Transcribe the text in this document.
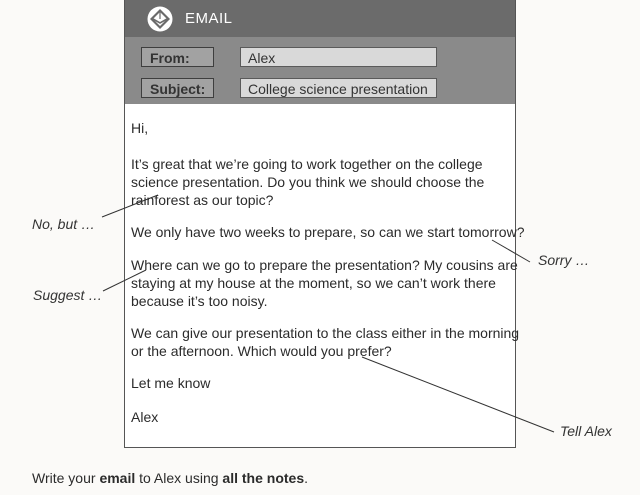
EMAIL
From:	Alex
Subject:	College science presentation

Hi,

It’s great that we’re going to work together on the college

science presentation. Do you think we should choose the

rainforest as our topic?

We only have two weeks to prepare, so can we start tomorrow?

Where can we go to prepare the presentation? My cousins are

staying at my house at the moment, so we can’t work there

because it’s too noisy.

We can give our presentation to the class either in the morning

or the afternoon. Which would you prefer?

Let me know

Alex

No, but …
Sorry …
Suggest …
Tell Alex
Write your email to Alex using all the notes.
